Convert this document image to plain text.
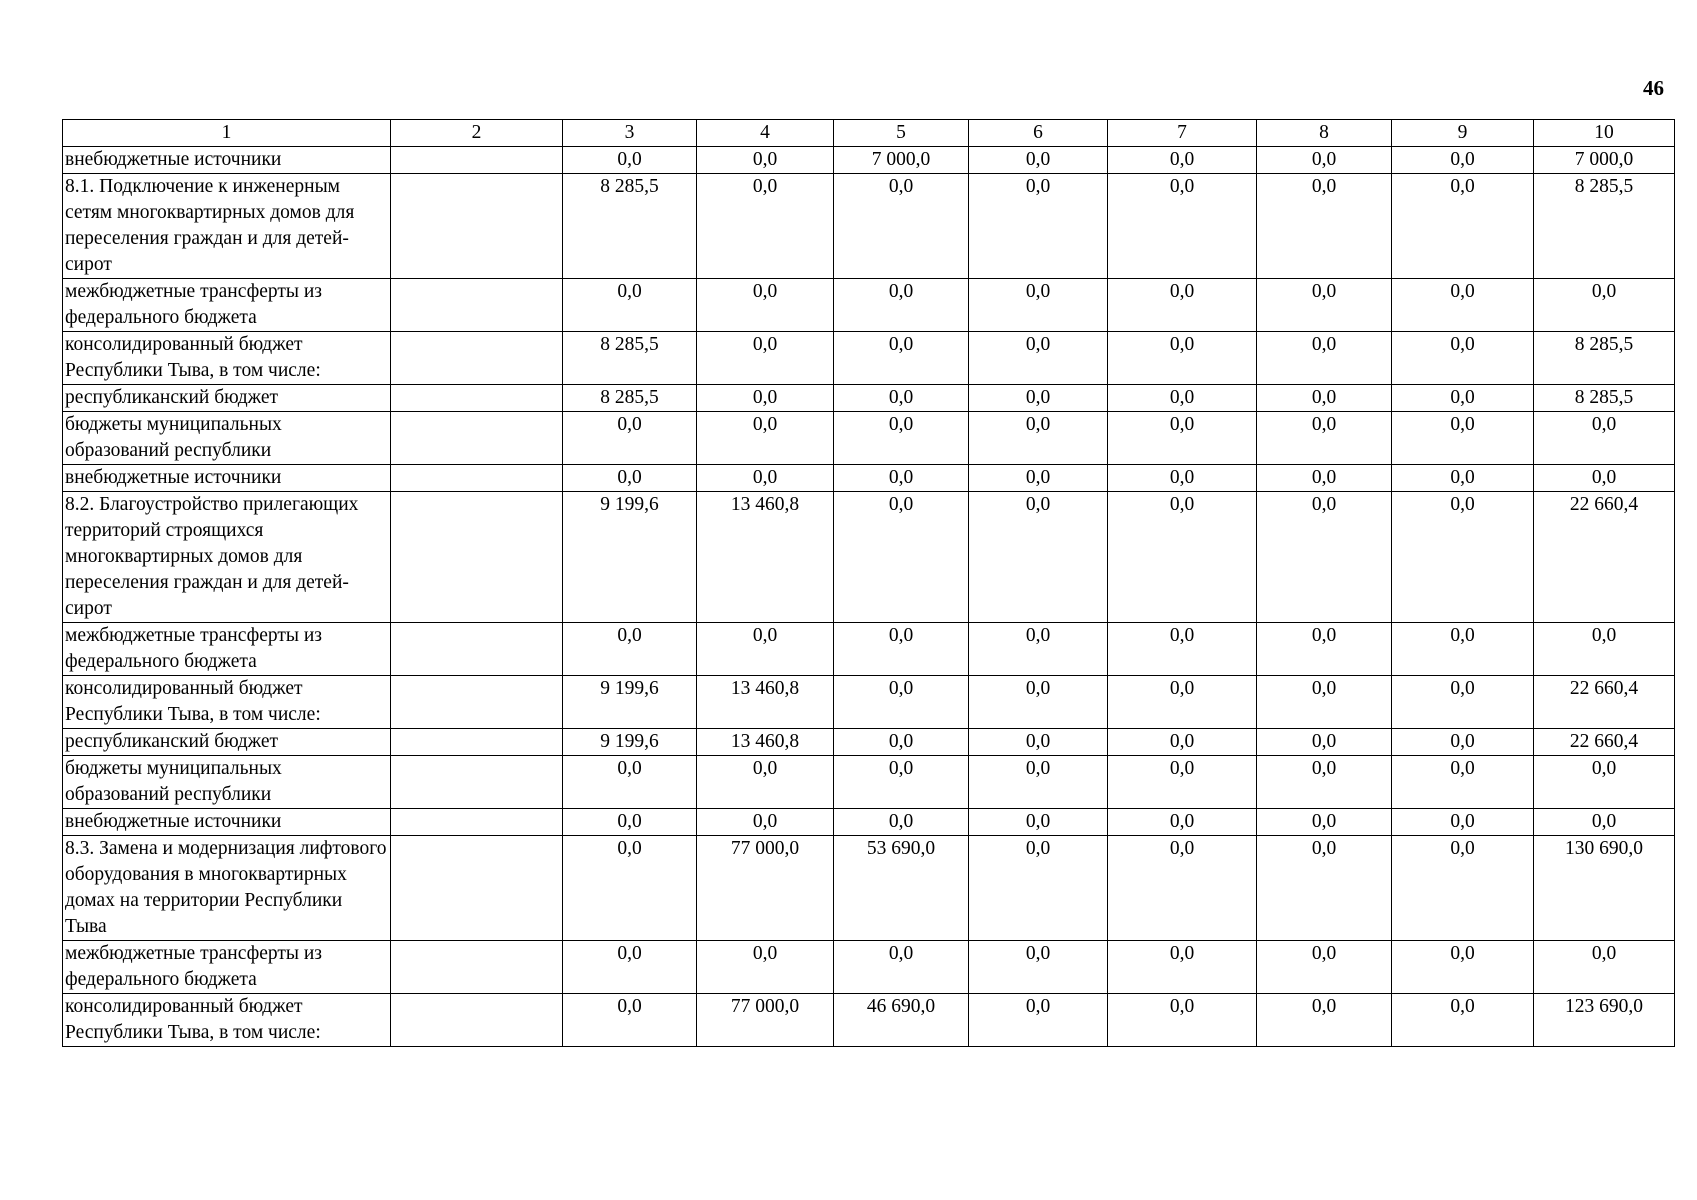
46
1	2	3	4	5	6	7	8	9	10
внебюджетные источники		0,0	0,0	7 000,0	0,0	0,0	0,0	0,0	7 000,0
8.1. Подключение к инженерным сетям многоквартирных домов для переселения граждан и для детей-сирот		8 285,5	0,0	0,0	0,0	0,0	0,0	0,0	8 285,5
межбюджетные трансферты из федерального бюджета		0,0	0,0	0,0	0,0	0,0	0,0	0,0	0,0
консолидированный бюджет Республики Тыва, в том числе:		8 285,5	0,0	0,0	0,0	0,0	0,0	0,0	8 285,5
республиканский бюджет		8 285,5	0,0	0,0	0,0	0,0	0,0	0,0	8 285,5
бюджеты муниципальных образований республики		0,0	0,0	0,0	0,0	0,0	0,0	0,0	0,0
внебюджетные источники		0,0	0,0	0,0	0,0	0,0	0,0	0,0	0,0
8.2. Благоустройство прилегающих территорий строящихся многоквартирных домов для переселения граждан и для детей-сирот		9 199,6	13 460,8	0,0	0,0	0,0	0,0	0,0	22 660,4
межбюджетные трансферты из федерального бюджета		0,0	0,0	0,0	0,0	0,0	0,0	0,0	0,0
консолидированный бюджет Республики Тыва, в том числе:		9 199,6	13 460,8	0,0	0,0	0,0	0,0	0,0	22 660,4
республиканский бюджет		9 199,6	13 460,8	0,0	0,0	0,0	0,0	0,0	22 660,4
бюджеты муниципальных образований республики		0,0	0,0	0,0	0,0	0,0	0,0	0,0	0,0
внебюджетные источники		0,0	0,0	0,0	0,0	0,0	0,0	0,0	0,0
8.3. Замена и модернизация лифтового оборудования в многоквартирных домах на территории Республики Тыва		0,0	77 000,0	53 690,0	0,0	0,0	0,0	0,0	130 690,0
межбюджетные трансферты из федерального бюджета		0,0	0,0	0,0	0,0	0,0	0,0	0,0	0,0
консолидированный бюджет Республики Тыва, в том числе:		0,0	77 000,0	46 690,0	0,0	0,0	0,0	0,0	123 690,0
